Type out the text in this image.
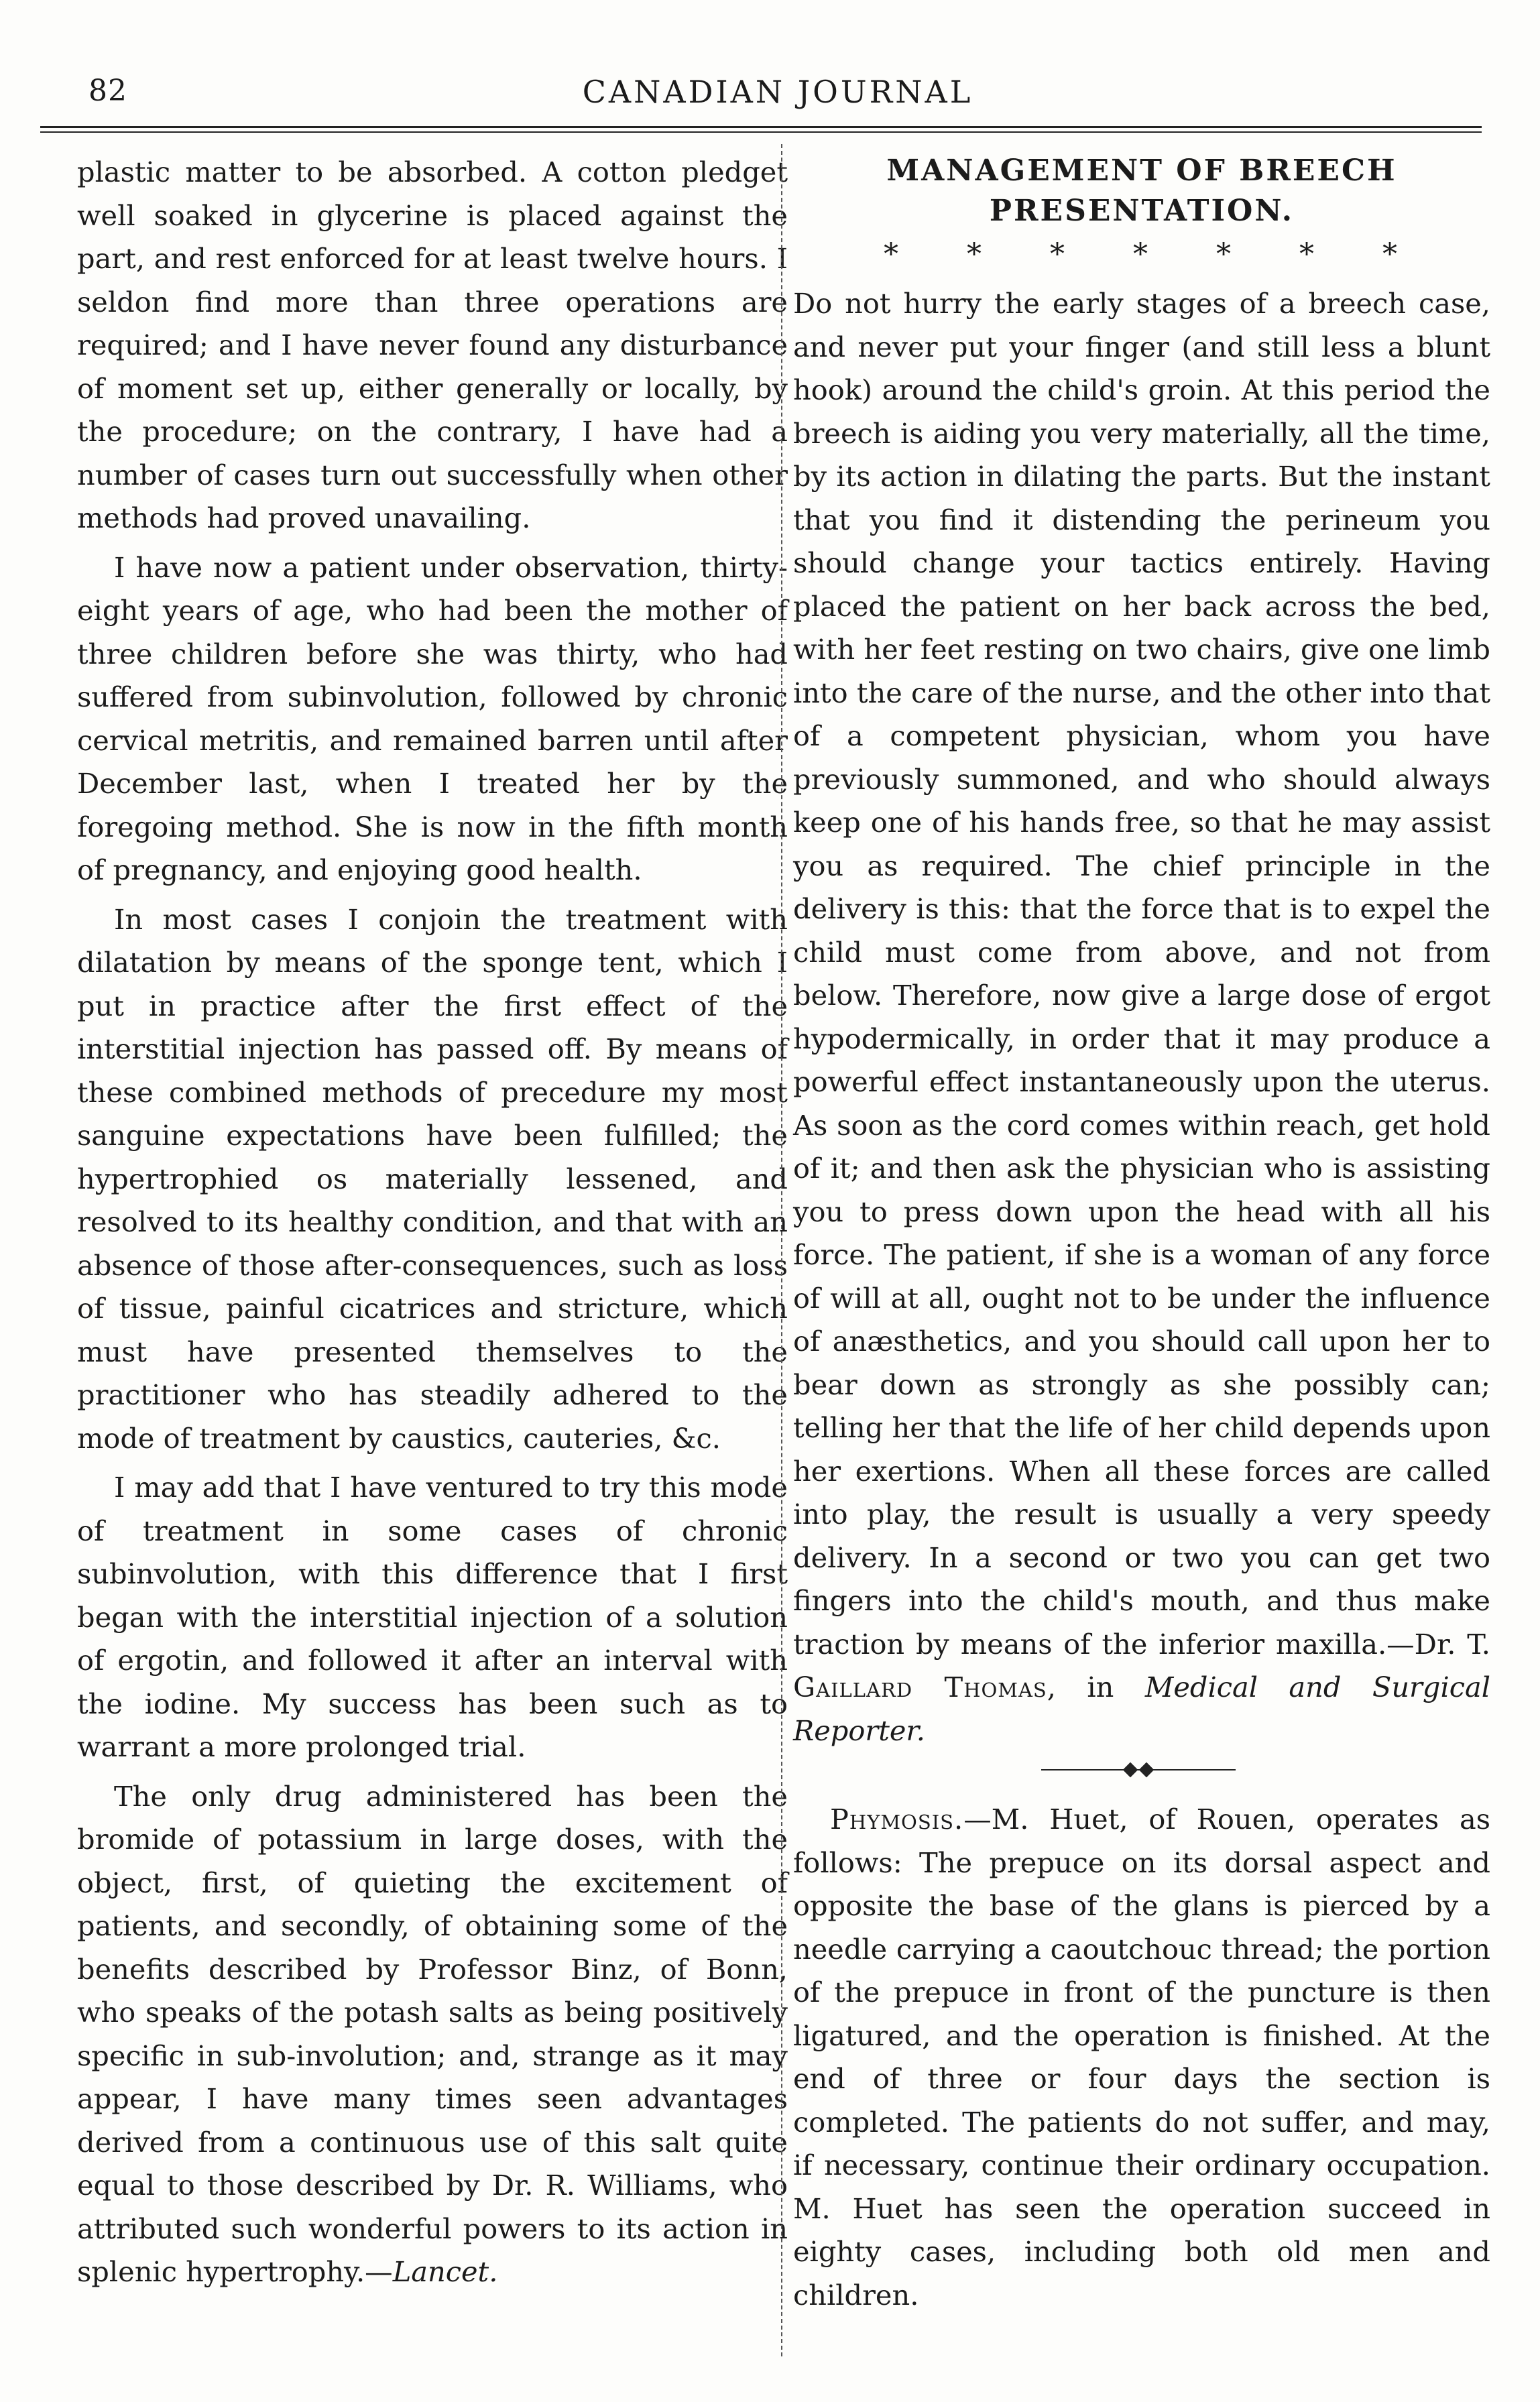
82	CANADIAN JOURNAL

plastic matter to be absorbed. A cotton pledget well soaked in glycerine is placed against the part, and rest enforced for at least twelve hours. I seldon find more than three operations are required; and I have never found any disturbance of moment set up, either generally or locally, by the procedure; on the contrary, I have had a number of cases turn out successfully when other methods had proved unavailing.

I have now a patient under observation, thirty-eight years of age, who had been the mother of three children before she was thirty, who had suffered from subinvolution, followed by chronic cervical metritis, and remained barren until after December last, when I treated her by the foregoing method. She is now in the fifth month of pregnancy, and enjoying good health.

In most cases I conjoin the treatment with dilatation by means of the sponge tent, which I put in practice after the first effect of the interstitial injection has passed off. By means of these combined methods of precedure my most sanguine expectations have been fulfilled; the hypertrophied os materially lessened, and resolved to its healthy condition, and that with an absence of those after-consequences, such as loss of tissue, painful cicatrices and stricture, which must have presented themselves to the practitioner who has steadily adhered to the mode of treatment by caustics, cauteries, &c.

I may add that I have ventured to try this mode of treatment in some cases of chronic subinvolution, with this difference that I first began with the interstitial injection of a solution of ergotin, and followed it after an interval with the iodine. My success has been such as to warrant a more prolonged trial.

The only drug administered has been the bromide of potassium in large doses, with the object, first, of quieting the excitement of patients, and secondly, of obtaining some of the benefits described by Professor Binz, of Bonn, who speaks of the potash salts as being positively specific in sub-involution; and, strange as it may appear, I have many times seen advantages derived from a continuous use of this salt quite equal to those described by Dr. R. Williams, who attributed such wonderful powers to its action in splenic hypertrophy.—Lancet.

MANAGEMENT OF BREECH PRESENTATION.
* * * * * * *

Do not hurry the early stages of a breech case, and never put your finger (and still less a blunt hook) around the child's groin. At this period the breech is aiding you very materially, all the time, by its action in dilating the parts. But the instant that you find it distending the perineum you should change your tactics entirely. Having placed the patient on her back across the bed, with her feet resting on two chairs, give one limb into the care of the nurse, and the other into that of a competent physician, whom you have previously summoned, and who should always keep one of his hands free, so that he may assist you as required. The chief principle in the delivery is this: that the force that is to expel the child must come from above, and not from below. Therefore, now give a large dose of ergot hypodermically, in order that it may produce a powerful effect instantaneously upon the uterus. As soon as the cord comes within reach, get hold of it; and then ask the physician who is assisting you to press down upon the head with all his force. The patient, if she is a woman of any force of will at all, ought not to be under the influence of anæsthetics, and you should call upon her to bear down as strongly as she possibly can; telling her that the life of her child depends upon her exertions. When all these forces are called into play, the result is usually a very speedy delivery. In a second or two you can get two fingers into the child's mouth, and thus make traction by means of the inferior maxilla.—Dr. T. Gaillard Thomas, in Medical and Surgical Reporter.

Phymosis.—M. Huet, of Rouen, operates as follows: The prepuce on its dorsal aspect and opposite the base of the glans is pierced by a needle carrying a caoutchouc thread; the portion of the prepuce in front of the puncture is then ligatured, and the operation is finished. At the end of three or four days the section is completed. The patients do not suffer, and may, if necessary, continue their ordinary occupation. M. Huet has seen the operation succeed in eighty cases, including both old men and children.
